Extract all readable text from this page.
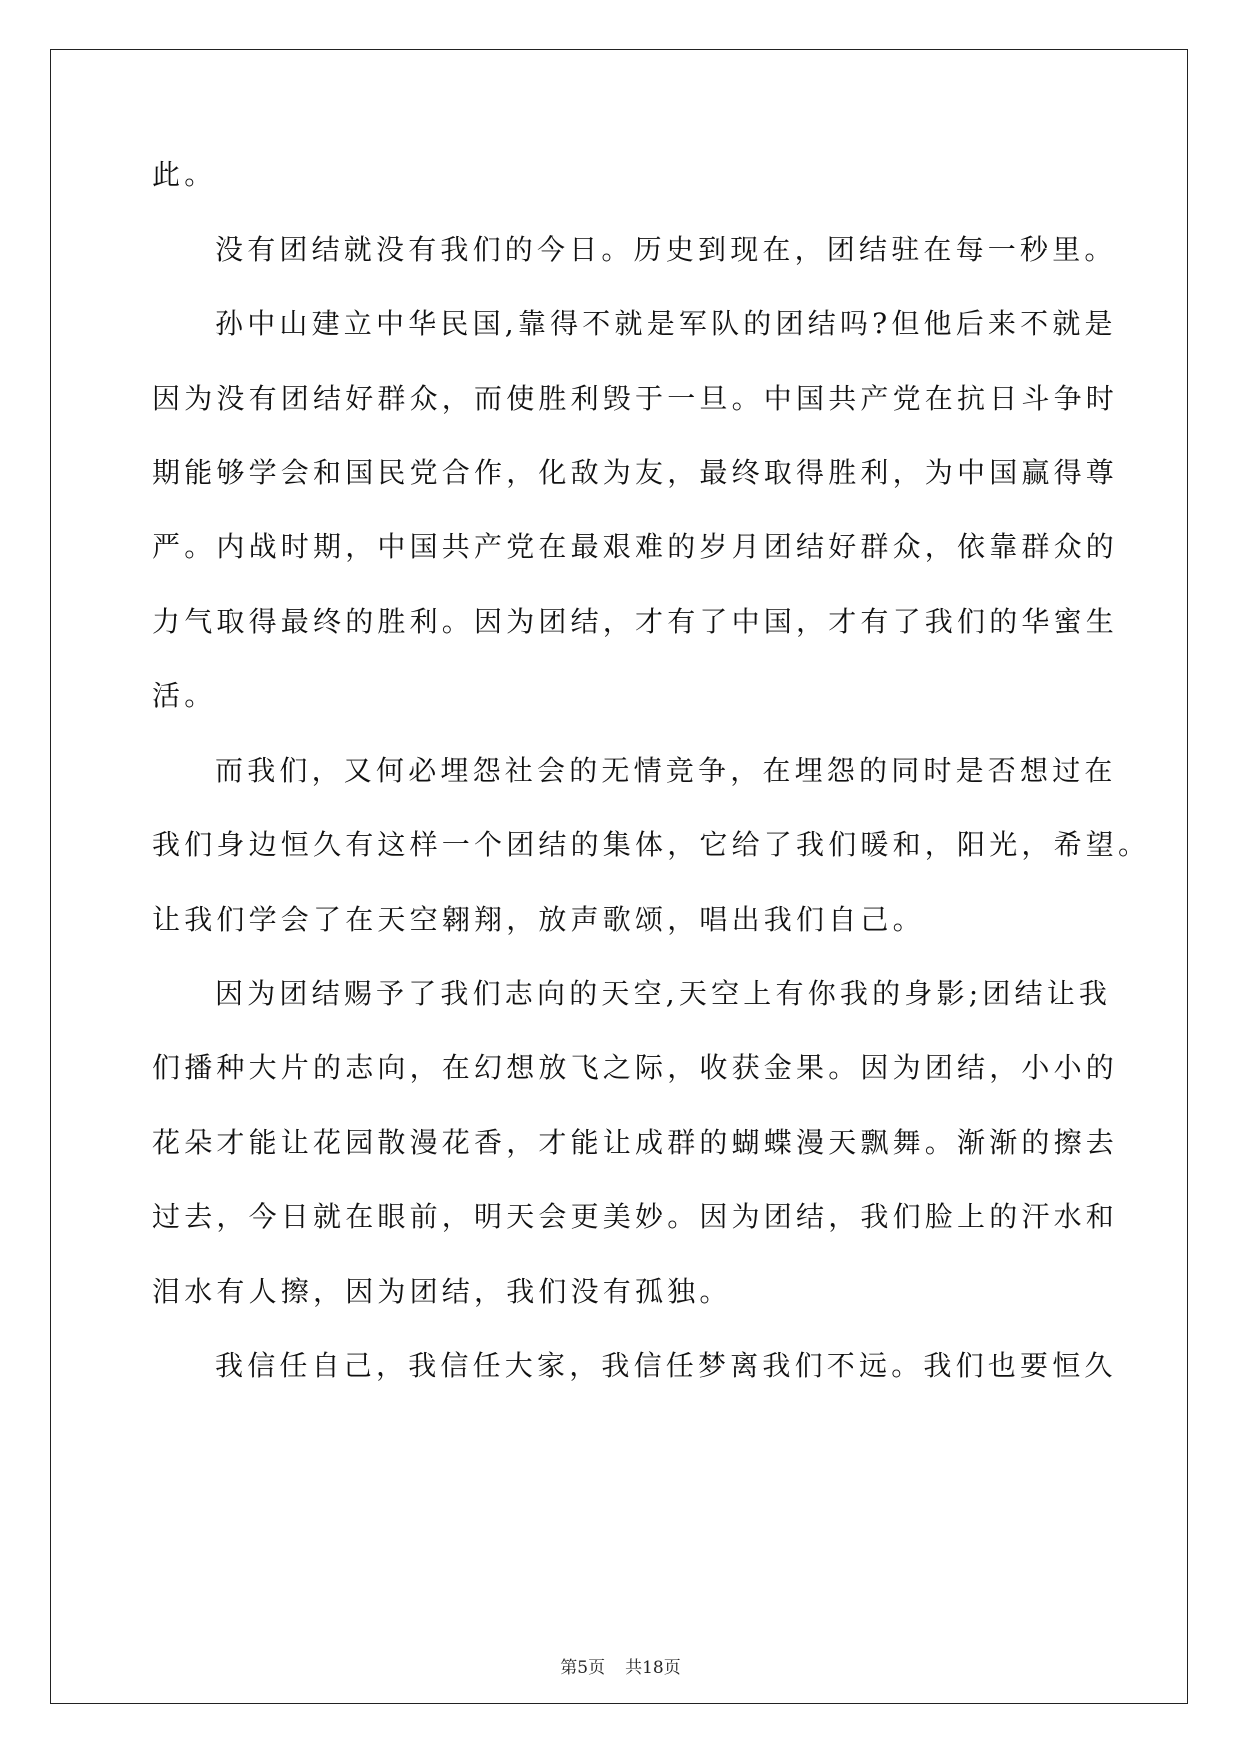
此。
没有团结就没有我们的今日。历史到现在，团结驻在每一秒里。
孙中山建立中华民国,靠得不就是军队的团结吗?但他后来不就是
因为没有团结好群众，而使胜利毁于一旦。中国共产党在抗日斗争时
期能够学会和国民党合作，化敌为友，最终取得胜利，为中国赢得尊
严。内战时期，中国共产党在最艰难的岁月团结好群众，依靠群众的
力气取得最终的胜利。因为团结，才有了中国，才有了我们的华蜜生
活。
而我们，又何必埋怨社会的无情竞争，在埋怨的同时是否想过在
我们身边恒久有这样一个团结的集体，它给了我们暖和，阳光，希望。
让我们学会了在天空翱翔，放声歌颂，唱出我们自己。
因为团结赐予了我们志向的天空,天空上有你我的身影;团结让我
们播种大片的志向，在幻想放飞之际，收获金果。因为团结，小小的
花朵才能让花园散漫花香，才能让成群的蝴蝶漫天飘舞。渐渐的擦去
过去，今日就在眼前，明天会更美妙。因为团结，我们脸上的汗水和
泪水有人擦，因为团结，我们没有孤独。
我信任自己，我信任大家，我信任梦离我们不远。我们也要恒久
第5页 共18页
